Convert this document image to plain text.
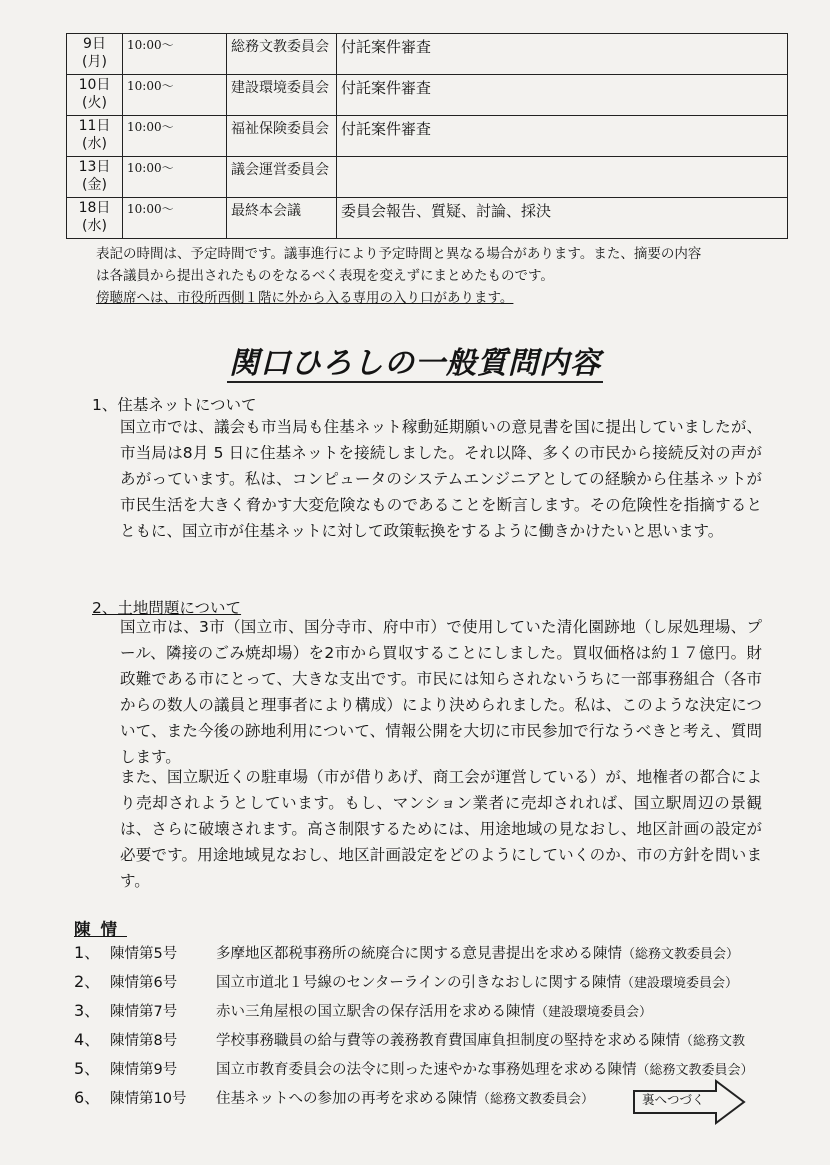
9日
(月)	10:00〜	総務文教委員会	付託案件審査

10日
(火)	10:00〜	建設環境委員会	付託案件審査

11日
(水)	10:00〜	福祉保険委員会	付託案件審査

13日
(金)	10:00〜	議会運営委員会	

18日
(水)	10:00〜	最終本会議	委員会報告、質疑、討論、採決
表記の時間は、予定時間です。議事進行により予定時間と異なる場合があります。また、摘要の内容
は各議員から提出されたものをなるべく表現を変えずにまとめたものです。
傍聴席へは、市役所西側１階に外から入る専用の入り口があります。
関口ひろしの一般質問内容
1、住基ネットについて
国立市では、議会も市当局も住基ネット稼動延期願いの意見書を国に提出していましたが、市当局は8月 5 日に住基ネットを接続しました。それ以降、多くの市民から接続反対の声があがっています。私は、コンピュータのシステムエンジニアとしての経験から住基ネットが市民生活を大きく脅かす大変危険なものであることを断言します。その危険性を指摘するとともに、国立市が住基ネットに対して政策転換をするように働きかけたいと思います。
2、土地問題について
国立市は、3市（国立市、国分寺市、府中市）で使用していた清化園跡地（し尿処理場、プール、隣接のごみ焼却場）を2市から買収することにしました。買収価格は約１７億円。財政難である市にとって、大きな支出です。市民には知らされないうちに一部事務組合（各市からの数人の議員と理事者により構成）により決められました。私は、このような決定について、また今後の跡地利用について、情報公開を大切に市民参加で行なうべきと考え、質問します。
また、国立駅近くの駐車場（市が借りあげ、商工会が運営している）が、地権者の都合により売却されようとしています。もし、マンション業者に売却されれば、国立駅周辺の景観は、さらに破壊されます。高さ制限するためには、用途地域の見なおし、地区計画の設定が必要です。用途地域見なおし、地区計画設定をどのようにしていくのか、市の方針を問います。
陳情
1、 陳情第5号	多摩地区都税事務所の統廃合に関する意見書提出を求める陳情（総務文教委員会）
2、 陳情第6号	国立市道北１号線のセンターラインの引きなおしに関する陳情（建設環境委員会）
3、 陳情第7号	赤い三角屋根の国立駅舎の保存活用を求める陳情（建設環境委員会）
4、 陳情第8号	学校事務職員の給与費等の義務教育費国庫負担制度の堅持を求める陳情（総務文教
5、 陳情第9号	国立市教育委員会の法令に則った速やかな事務処理を求める陳情（総務文教委員会）
6、 陳情第10号	住基ネットへの参加の再考を求める陳情（総務文教委員会）	裏へつづく
